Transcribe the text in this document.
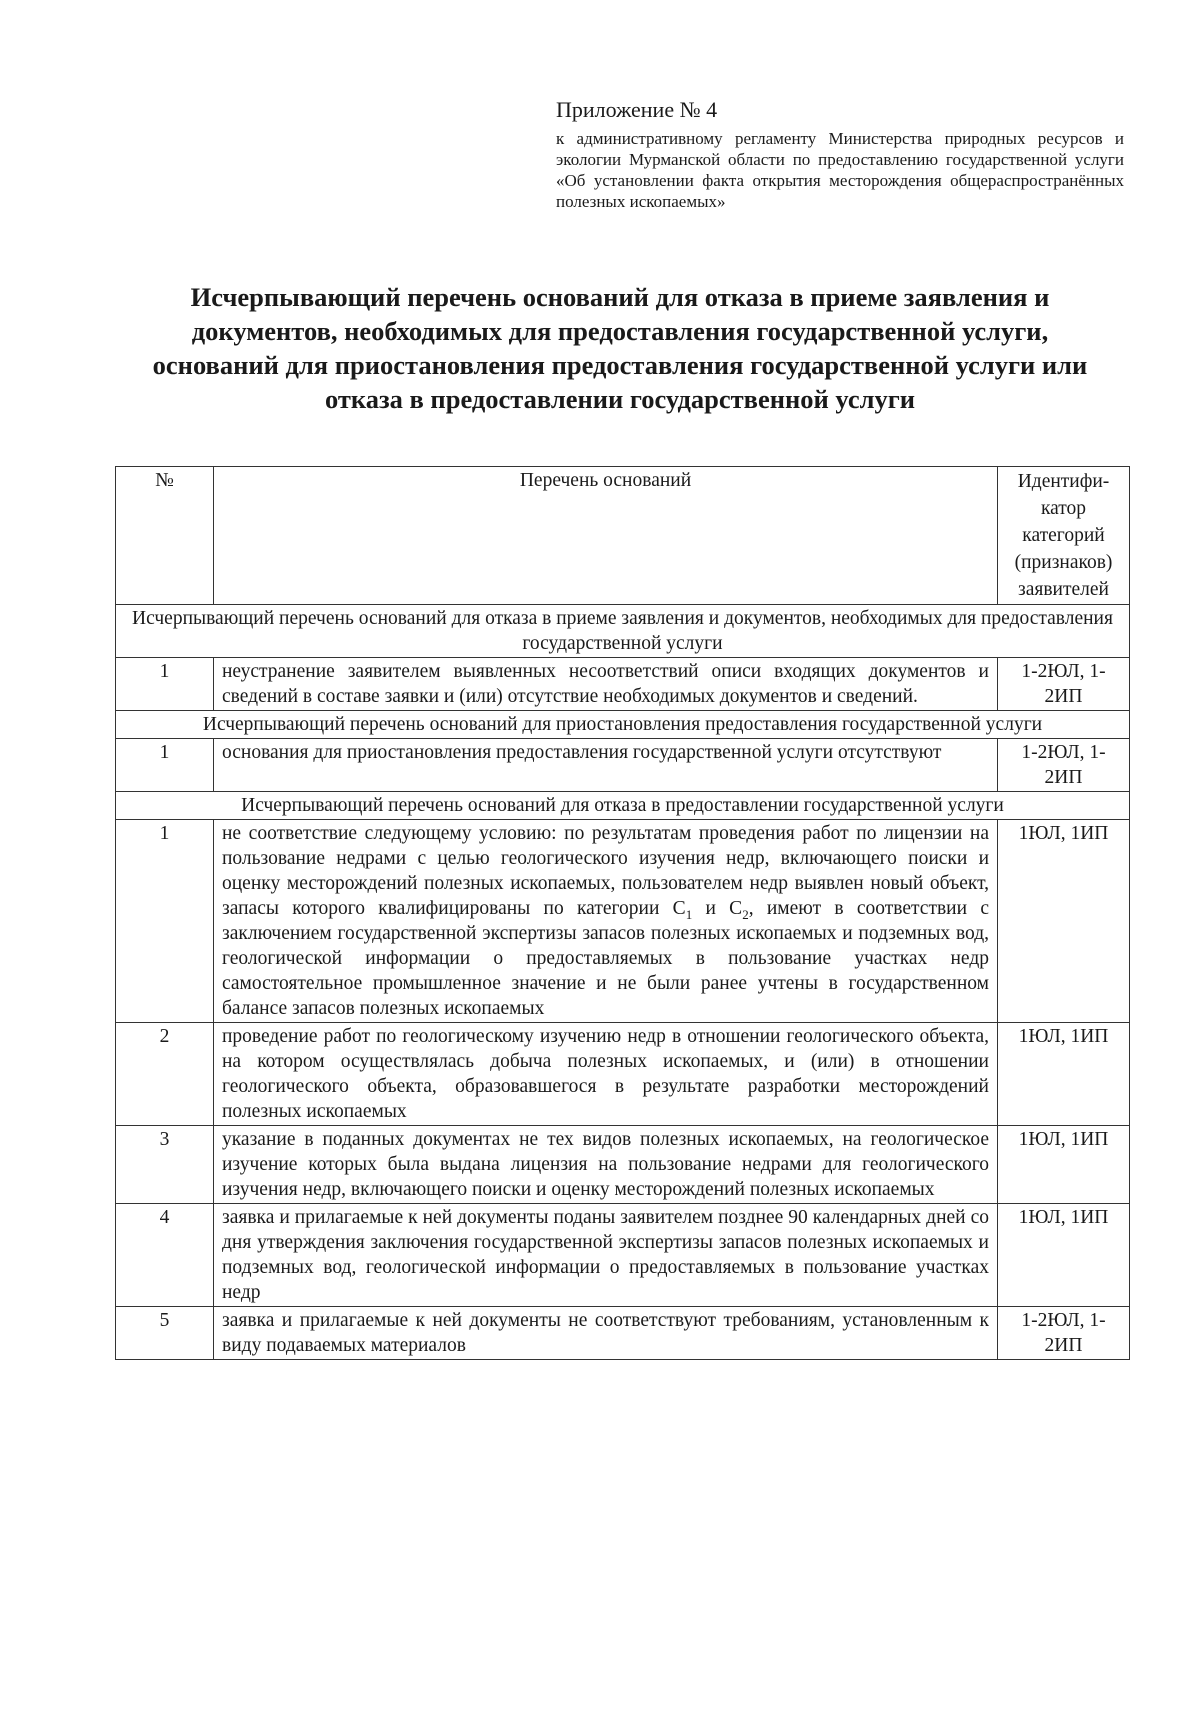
Приложение № 4

к административному регламенту Министерства природных ресурсов и экологии Мурманской области по предоставлению государственной услуги «Об установлении факта открытия месторождения общераспространённых полезных ископаемых»

Исчерпывающий перечень оснований для отказа в приеме заявления и документов, необходимых для предоставления государственной услуги, оснований для приостановления предоставления государственной услуги или отказа в предоставлении государственной услуги
№	Перечень оснований	Идентифи-катор категорий (признаков) заявителей
Исчерпывающий перечень оснований для отказа в приеме заявления и документов, необходимых для предоставления государственной услуги		
1	неустранение заявителем выявленных несоответствий описи входящих документов и сведений в составе заявки и (или) отсутствие необходимых документов и сведений.	1-2ЮЛ, 1-2ИП
Исчерпывающий перечень оснований для приостановления предоставления государственной услуги		
1	основания для приостановления предоставления государственной услуги отсутствуют	1-2ЮЛ, 1-2ИП
Исчерпывающий перечень оснований для отказа в предоставлении государственной услуги		
1	не соответствие следующему условию: по результатам проведения работ по лицензии на пользование недрами с целью геологического изучения недр, включающего поиски и оценку месторождений полезных ископаемых, пользователем недр выявлен новый объект, запасы которого квалифицированы по категории $C_1$ и $C_2$, имеют в соответствии с заключением государственной экспертизы запасов полезных ископаемых и подземных вод, геологической информации о предоставляемых в пользование участках недр самостоятельное промышленное значение и не были ранее учтены в государственном балансе запасов полезных ископаемых	1ЮЛ, 1ИП
2	проведение работ по геологическому изучению недр в отношении геологического объекта, на котором осуществлялась добыча полезных ископаемых, и (или) в отношении геологического объекта, образовавшегося в результате разработки месторождений полезных ископаемых	1ЮЛ, 1ИП
3	указание в поданных документах не тех видов полезных ископаемых, на геологическое изучение которых была выдана лицензия на пользование недрами для геологического изучения недр, включающего поиски и оценку месторождений полезных ископаемых	1ЮЛ, 1ИП
4	заявка и прилагаемые к ней документы поданы заявителем позднее 90 календарных дней со дня утверждения заключения государственной экспертизы запасов полезных ископаемых и подземных вод, геологической информации о предоставляемых в пользование участках недр	1ЮЛ, 1ИП
5	заявка и прилагаемые к ней документы не соответствуют требованиям, установленным к виду подаваемых материалов	1-2ЮЛ, 1-2ИП
